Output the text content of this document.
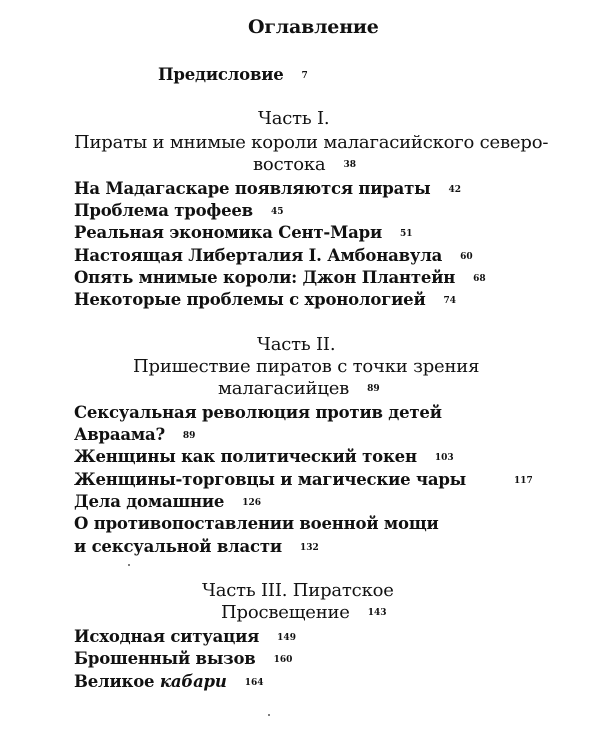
Оглавление
Предисловие 7
Часть I.
Пираты и мнимые короли малагасийского северо-
востока 38
На Мадагаскаре появляются пираты 42
Проблема трофеев 45
Реальная экономика Сент-Мари 51
Настоящая Либерталия I. Амбонавула 60
Опять мнимые короли: Джон Плантейн 68
Некоторые проблемы с хронологией 74
Часть II.
Пришествие пиратов с точки зрения
малагасийцев 89
Сексуальная революция против детей
Авраама? 89
Женщины как политический токен 103
Женщины-торговцы и магические чары	117
Дела домашние 126
О противопоставлении военной мощи
и сексуальной власти 132
Часть III. Пиратское
Просвещение 143
Исходная ситуация 149
Брошенный вызов 160
Великое кабари 164
